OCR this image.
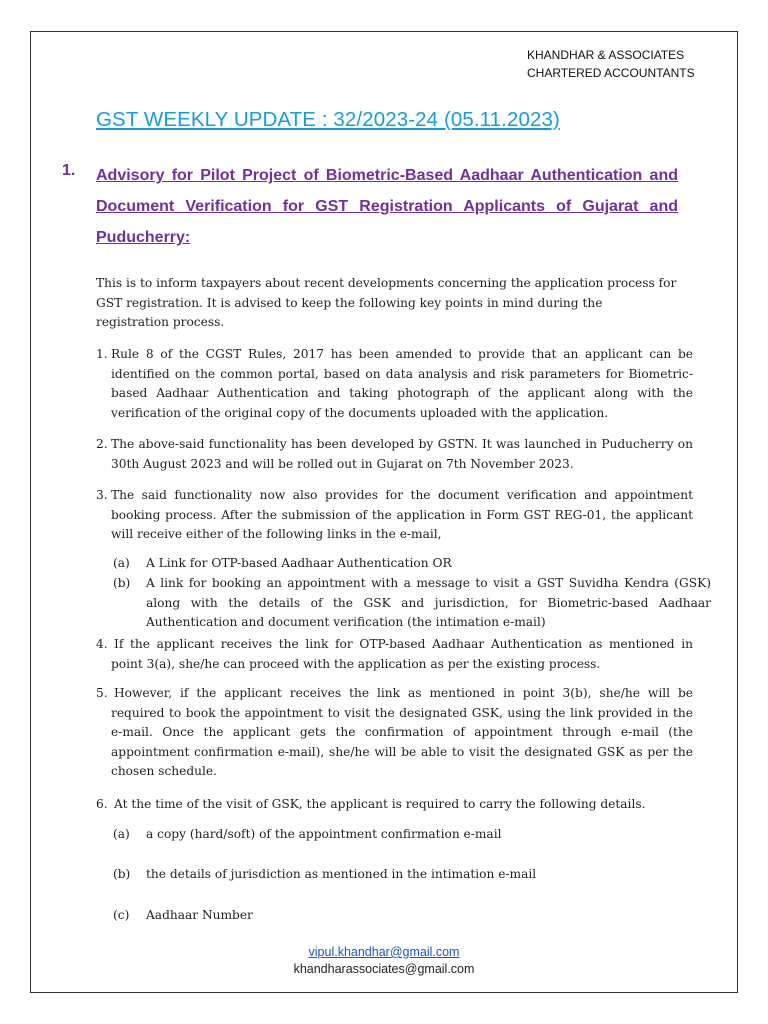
KHANDHAR & ASSOCIATES
CHARTERED ACCOUNTANTS
GST WEEKLY UPDATE : 32/2023-24 (05.11.2023)
1. Advisory for Pilot Project of Biometric-Based Aadhaar Authentication and Document Verification for GST Registration Applicants of Gujarat and Puducherry:

This is to inform taxpayers about recent developments concerning the application process for GST registration. It is advised to keep the following key points in mind during the registration process.

1. Rule 8 of the CGST Rules, 2017 has been amended to provide that an applicant can be identified on the common portal, based on data analysis and risk parameters for Biometric-based Aadhaar Authentication and taking photograph of the applicant along with the verification of the original copy of the documents uploaded with the application.

2. The above-said functionality has been developed by GSTN. It was launched in Puducherry on 30th August 2023 and will be rolled out in Gujarat on 7th November 2023.

3. The said functionality now also provides for the document verification and appointment booking process. After the submission of the application in Form GST REG-01, the applicant will receive either of the following links in the e-mail,

(a) A Link for OTP-based Aadhaar Authentication OR

(b) A link for booking an appointment with a message to visit a GST Suvidha Kendra (GSK) along with the details of the GSK and jurisdiction, for Biometric-based Aadhaar Authentication and document verification (the intimation e-mail)

4. If the applicant receives the link for OTP-based Aadhaar Authentication as mentioned in point 3(a), she/he can proceed with the application as per the existing process.

5. However, if the applicant receives the link as mentioned in point 3(b), she/he will be required to book the appointment to visit the designated GSK, using the link provided in the e-mail. Once the applicant gets the confirmation of appointment through e-mail (the appointment confirmation e-mail), she/he will be able to visit the designated GSK as per the chosen schedule.

6. At the time of the visit of GSK, the applicant is required to carry the following details.

(a) a copy (hard/soft) of the appointment confirmation e-mail

(b) the details of jurisdiction as mentioned in the intimation e-mail

(c) Aadhaar Number

vipul.khandhar@gmail.com
khandharassociates@gmail.com
